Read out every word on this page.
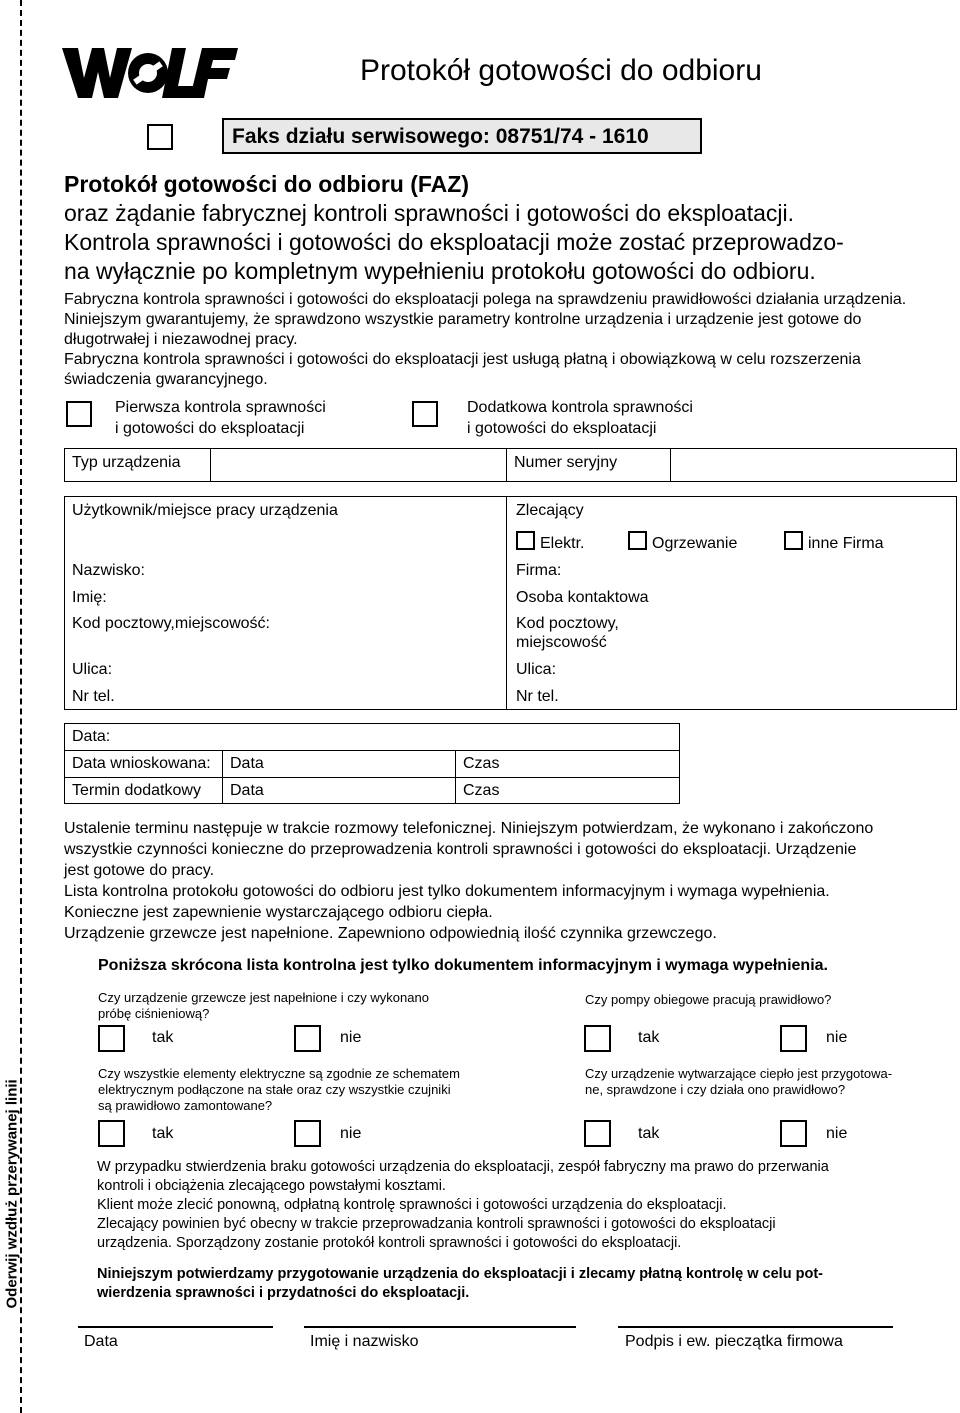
Oderwij wzdłuż przerywanej linii
Protokół gotowości do odbioru
Faks działu serwisowego: 08751/74 - 1610
Protokół gotowości do odbioru (FAZ)
oraz żądanie fabrycznej kontroli sprawności i gotowości do eksploatacji.
Kontrola sprawności i gotowości do eksploatacji może zostać przeprowadzo-
na wyłącznie po kompletnym wypełnieniu protokołu gotowości do odbioru.
Fabryczna kontrola sprawności i gotowości do eksploatacji polega na sprawdzeniu prawidłowości działania urządzenia. Niniejszym gwarantujemy, że sprawdzono wszystkie parametry kontrolne urządzenia i urządzenie jest gotowe do długotrwałej i niezawodnej pracy.
Fabryczna kontrola sprawności i gotowości do eksploatacji jest usługą płatną i obowiązkową w celu rozszerzenia świadczenia gwarancyjnego.
Pierwsza kontrola sprawności
i gotowości do eksploatacji
Dodatkowa kontrola sprawności
i gotowości do eksploatacji
Typ urządzenia	Numer seryjny
Użytkownik/miejsce pracy urządzenia
Nazwisko:
Imię:
Kod pocztowy,miejscowość:
Ulica:
Nr tel.
Zlecający
Elektr.	Ogrzewanie	inne Firma
Firma:
Osoba kontaktowa
Kod pocztowy,
miejscowość
Ulica:
Nr tel.
Data:
Data wnioskowana: Data	Czas
Termin dodatkowy Data	Czas
Ustalenie terminu następuje w trakcie rozmowy telefonicznej. Niniejszym potwierdzam, że wykonano i zakończono
wszystkie czynności konieczne do przeprowadzenia kontroli sprawności i gotowości do eksploatacji. Urządzenie
jest gotowe do pracy.
Lista kontrolna protokołu gotowości do odbioru jest tylko dokumentem informacyjnym i wymaga wypełnienia.
Konieczne jest zapewnienie wystarczającego odbioru ciepła.
Urządzenie grzewcze jest napełnione. Zapewniono odpowiednią ilość czynnika grzewczego.
Poniższa skrócona lista kontrolna jest tylko dokumentem informacyjnym i wymaga wypełnienia.
Czy urządzenie grzewcze jest napełnione i czy wykonano
próbę ciśnieniową?
Czy pompy obiegowe pracują prawidłowo?
tak	nie	tak	nie
Czy wszystkie elementy elektryczne są zgodnie ze schematem
elektrycznym podłączone na stałe oraz czy wszystkie czujniki
są prawidłowo zamontowane?
Czy urządzenie wytwarzające ciepło jest przygotowa-
ne, sprawdzone i czy działa ono prawidłowo?
tak	nie	tak	nie
W przypadku stwierdzenia braku gotowości urządzenia do eksploatacji, zespół fabryczny ma prawo do przerwania
kontroli i obciążenia zlecającego powstałymi kosztami.
Klient może zlecić ponowną, odpłatną kontrolę sprawności i gotowości urządzenia do eksploatacji.
Zlecający powinien być obecny w trakcie przeprowadzania kontroli sprawności i gotowości do eksploatacji
urządzenia. Sporządzony zostanie protokół kontroli sprawności i gotowości do eksploatacji.
Niniejszym potwierdzamy przygotowanie urządzenia do eksploatacji i zlecamy płatną kontrolę w celu pot-
wierdzenia sprawności i przydatności do eksploatacji.
Data	Imię i nazwisko	Podpis i ew. pieczątka firmowa
